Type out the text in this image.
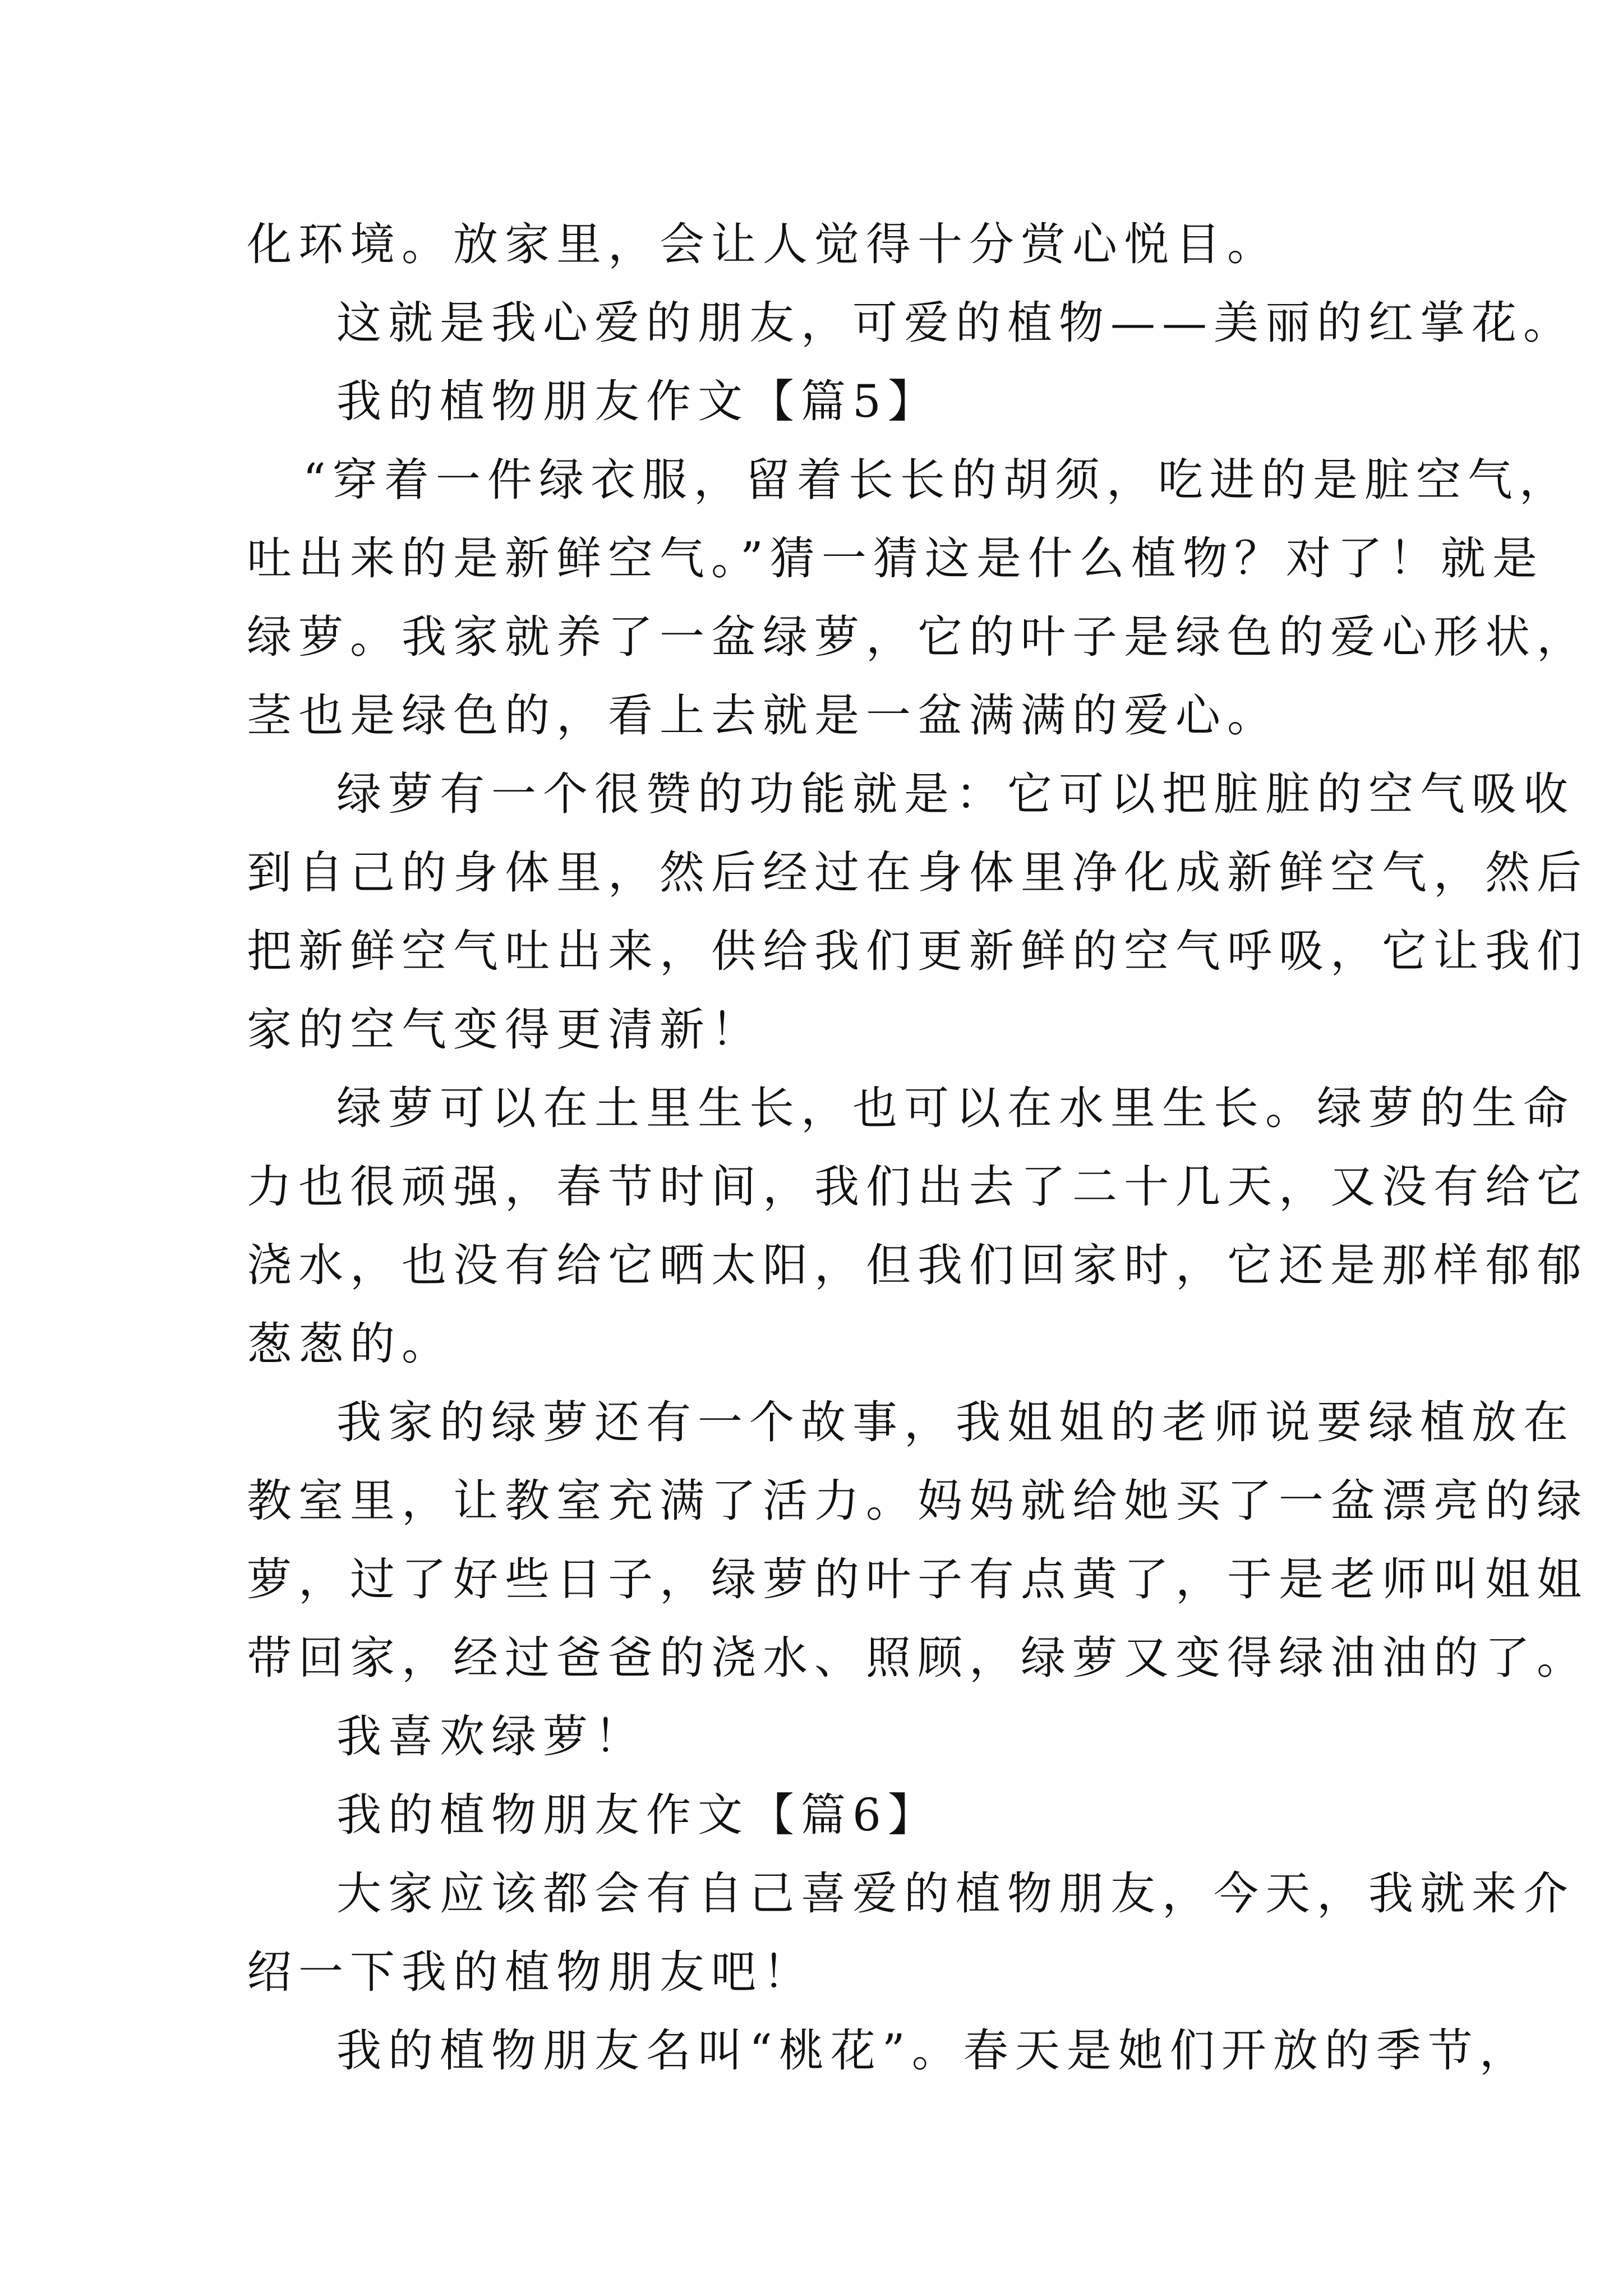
化环境。放家里，会让人觉得十分赏心悦目。
这就是我心爱的朋友，可爱的植物——美丽的红掌花。
我的植物朋友作文【篇5】
“穿着一件绿衣服，留着长长的胡须，吃进的是脏空气，
吐出来的是新鲜空气。”猜一猜这是什么植物？对了！就是
绿萝。我家就养了一盆绿萝，它的叶子是绿色的爱心形状，
茎也是绿色的，看上去就是一盆满满的爱心。
绿萝有一个很赞的功能就是：它可以把脏脏的空气吸收
到自己的身体里，然后经过在身体里净化成新鲜空气，然后
把新鲜空气吐出来，供给我们更新鲜的空气呼吸，它让我们
家的空气变得更清新！
绿萝可以在土里生长，也可以在水里生长。绿萝的生命
力也很顽强，春节时间，我们出去了二十几天，又没有给它
浇水，也没有给它晒太阳，但我们回家时，它还是那样郁郁
葱葱的。
我家的绿萝还有一个故事，我姐姐的老师说要绿植放在
教室里，让教室充满了活力。妈妈就给她买了一盆漂亮的绿
萝，过了好些日子，绿萝的叶子有点黄了，于是老师叫姐姐
带回家，经过爸爸的浇水、照顾，绿萝又变得绿油油的了。
我喜欢绿萝！
我的植物朋友作文【篇6】
大家应该都会有自己喜爱的植物朋友，今天，我就来介
绍一下我的植物朋友吧！
我的植物朋友名叫“桃花”。春天是她们开放的季节，
